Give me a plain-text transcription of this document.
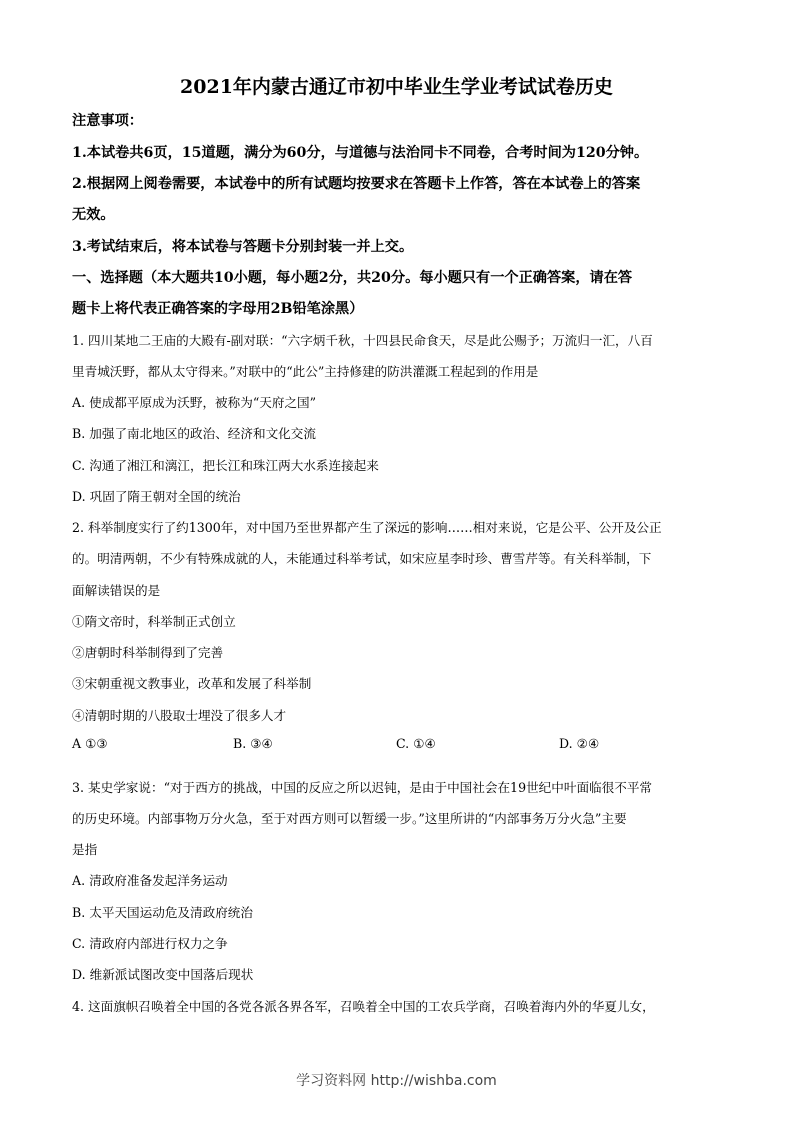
2021年内蒙古通辽市初中毕业生学业考试试卷历史
注意事项：
1.本试卷共6页，15道题，满分为60分，与道德与法治同卡不同卷，合考时间为120分钟。
2.根据网上阅卷需要，本试卷中的所有试题均按要求在答题卡上作答，答在本试卷上的答案
无效。
3.考试结束后，将本试卷与答题卡分别封装一并上交。
一、选择题（本大题共10小题，每小题2分，共20分。每小题只有一个正确答案，请在答
题卡上将代表正确答案的字母用2B铅笔涂黑）
1. 四川某地二王庙的大殿有-副对联：“六字炳千秋，十四县民命食天，尽是此公赐予；万流归一汇，八百
里青城沃野，都从太守得来。”对联中的“此公”主持修建的防洪灌溉工程起到的作用是
A. 使成都平原成为沃野，被称为“天府之国”
B. 加强了南北地区的政治、经济和文化交流
C. 沟通了湘江和漓江，把长江和珠江两大水系连接起来
D. 巩固了隋王朝对全国的统治
2. 科举制度实行了约1300年，对中国乃至世界都产生了深远的影响……相对来说，它是公平、公开及公正
的。明清两朝，不少有特殊成就的人，未能通过科举考试，如宋应星李时珍、曹雪芹等。有关科举制，下
面解读错误的是
①隋文帝时，科举制正式创立
②唐朝时科举制得到了完善
③宋朝重视文教事业，改革和发展了科举制
④清朝时期的八股取士埋没了很多人才
A ①③	B. ③④	C. ①④	D. ②④
3. 某史学家说：“对于西方的挑战，中国的反应之所以迟钝，是由于中国社会在19世纪中叶面临很不平常
的历史环境。内部事物万分火急，至于对西方则可以暂缓一步。”这里所讲的“内部事务万分火急”主要
是指
A. 清政府准备发起洋务运动
B. 太平天国运动危及清政府统治
C. 清政府内部进行权力之争
D. 维新派试图改变中国落后现状
4. 这面旗帜召唤着全中国的各党各派各界各军，召唤着全中国的工农兵学商，召唤着海内外的华夏儿女，
学习资料网 http://wishba.com
